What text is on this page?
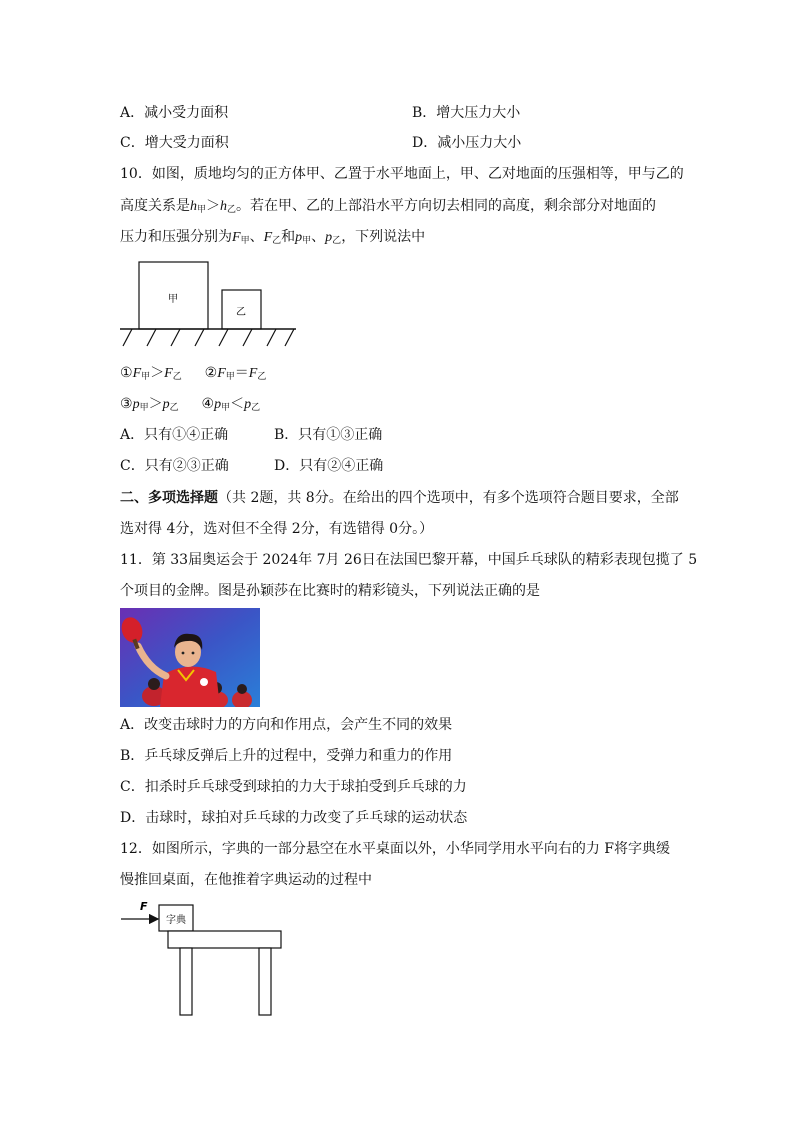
A．减小受力面积	B．增大压力大小
C．增大受力面积	D．减小压力大小
10．如图，质地均匀的正方体甲、乙置于水平地面上，甲、乙对地面的压强相等，甲与乙的
高度关系是$h_甲>h_乙$。若在甲、乙的上部沿水平方向切去相同的高度，剩余部分对地面的
压力和压强分别为$F_甲$、$F_乙$和$p_甲$、$p_乙$，下列说法中
甲
乙
$①F_甲>F_乙$ $②F_甲=F_乙$
$③p_甲>p_乙$ $④p_甲<p_乙$
A．只有①④正确	B．只有①③正确
C．只有②③正确	D．只有②④正确
二、多项选择题（共 2题，共 8分。在给出的四个选项中，有多个选项符合题目要求，全部
选对得 4分，选对但不全得 2分，有选错得 0分。）
11．第 33届奥运会于 2024年 7月 26日在法国巴黎开幕，中国乒乓球队的精彩表现包揽了 5
个项目的金牌。图是孙颖莎在比赛时的精彩镜头，下列说法正确的是
A．改变击球时力的方向和作用点，会产生不同的效果
B．乒乓球反弹后上升的过程中，受弹力和重力的作用
C．扣杀时乒乓球受到球拍的力大于球拍受到乒乓球的力
D．击球时，球拍对乒乓球的力改变了乒乓球的运动状态
12．如图所示，字典的一部分悬空在水平桌面以外，小华同学用水平向右的力 F将字典缓
慢推回桌面，在他推着字典运动的过程中
F
字典
